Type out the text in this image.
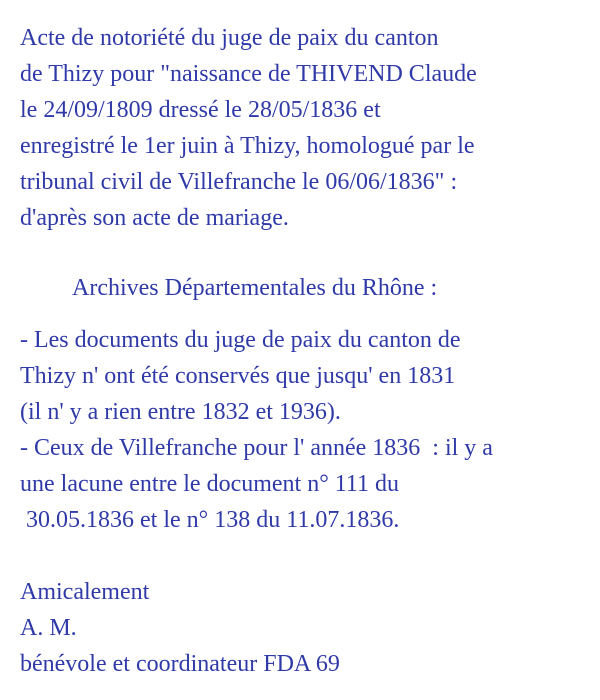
Acte de notoriété du juge de paix du canton

de Thizy pour "naissance de THIVEND Claude

le 24/09/1809 dressé le 28/05/1836 et

enregistré le 1er juin à Thizy, homologué par le

tribunal civil de Villefranche le 06/06/1836" :

d'après son acte de mariage.

Archives Départementales du Rhône :

- Les documents du juge de paix du canton de

Thizy n' ont été conservés que jusqu' en 1831

(il n' y a rien entre 1832 et 1936).

- Ceux de Villefranche pour l' année 1836  : il y a

une lacune entre le document n° 111 du

30.05.1836 et le n° 138 du 11.07.1836.

Amicalement

A. M.

bénévole et coordinateur FDA 69
